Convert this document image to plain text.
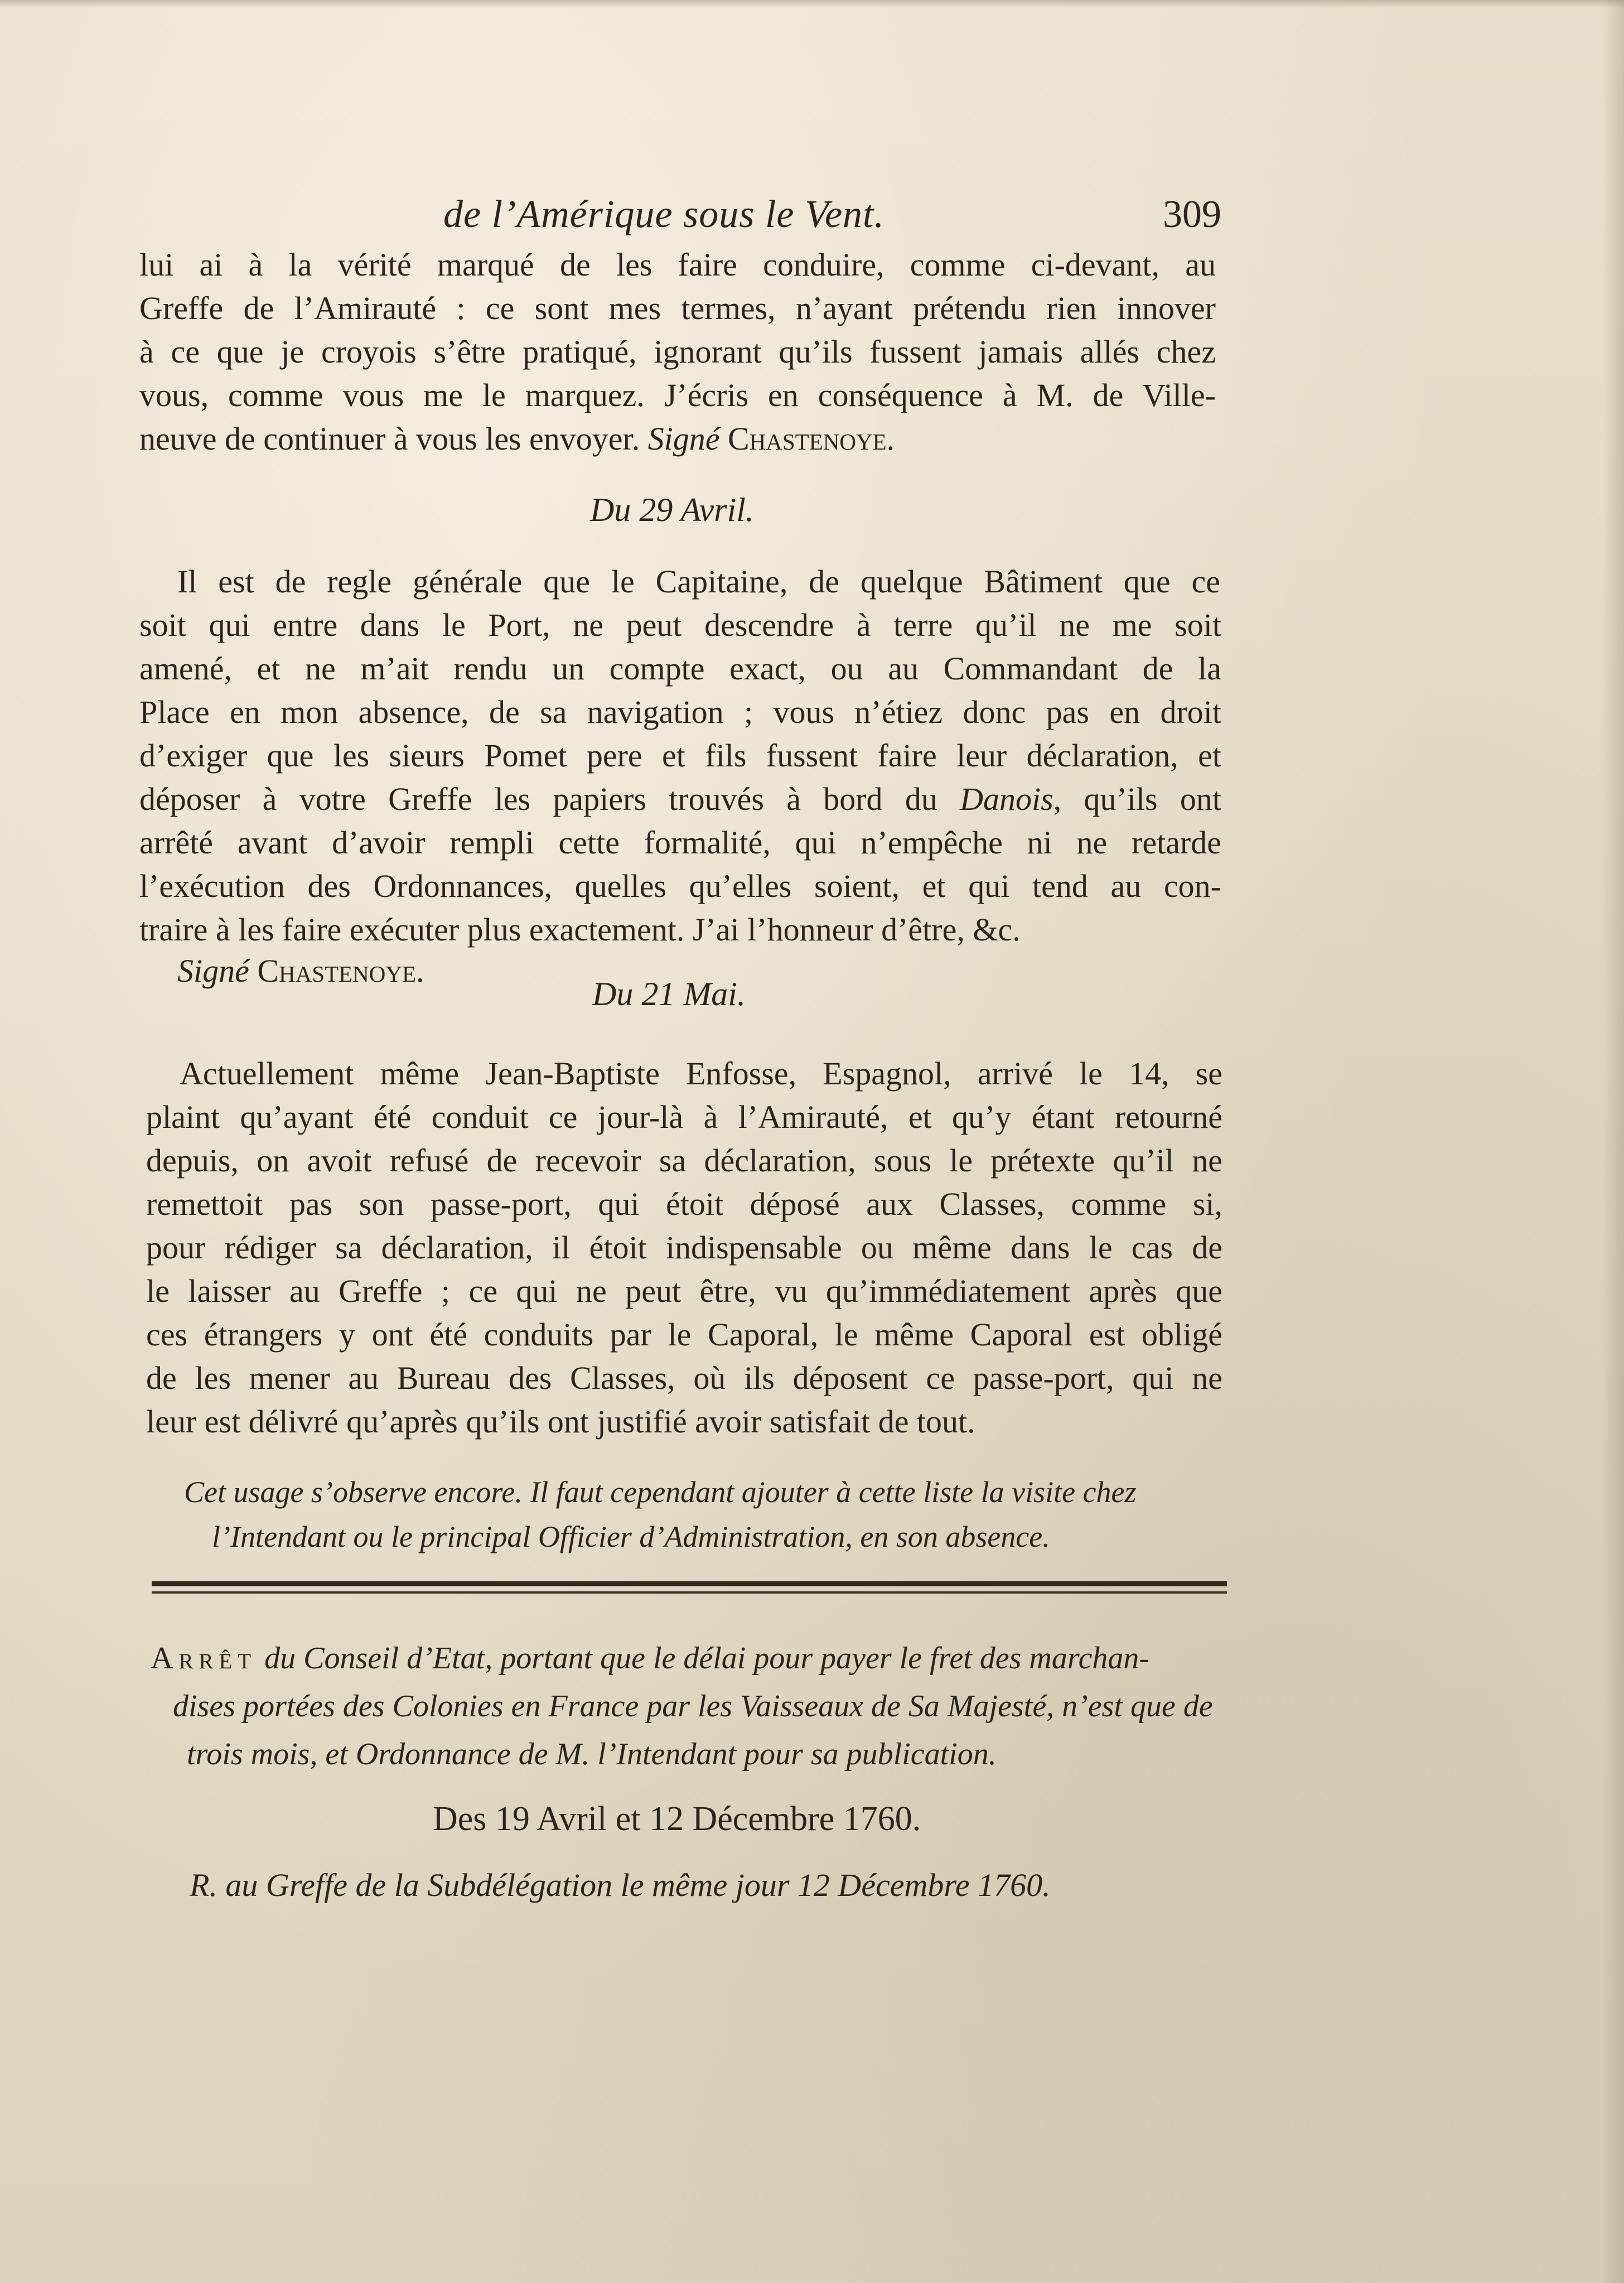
de l’Amérique sous le Vent.	309
lui ai à la vérité marqué de les faire conduire, comme ci-devant, au
Greffe de l’Amirauté : ce sont mes termes, n’ayant prétendu rien innover
à ce que je croyois s’être pratiqué, ignorant qu’ils fussent jamais allés chez
vous, comme vous me le marquez. J’écris en conséquence à M. de Ville-
neuve de continuer à vous les envoyer. Signé Chastenoye.
Du 29 Avril.
Il est de regle générale que le Capitaine, de quelque Bâtiment que ce
soit qui entre dans le Port, ne peut descendre à terre qu’il ne me soit
amené, et ne m’ait rendu un compte exact, ou au Commandant de la
Place en mon absence, de sa navigation ; vous n’étiez donc pas en droit
d’exiger que les sieurs Pomet pere et fils fussent faire leur déclaration, et
déposer à votre Greffe les papiers trouvés à bord du Danois, qu’ils ont
arrêté avant d’avoir rempli cette formalité, qui n’empêche ni ne retarde
l’exécution des Ordonnances, quelles qu’elles soient, et qui tend au con-
traire à les faire exécuter plus exactement. J’ai l’honneur d’être, &c.
Signé Chastenoye.
Du 21 Mai.
Actuellement même Jean-Baptiste Enfosse, Espagnol, arrivé le 14, se
plaint qu’ayant été conduit ce jour-là à l’Amirauté, et qu’y étant retourné
depuis, on avoit refusé de recevoir sa déclaration, sous le prétexte qu’il ne
remettoit pas son passe-port, qui étoit déposé aux Classes, comme si,
pour rédiger sa déclaration, il étoit indispensable ou même dans le cas de
le laisser au Greffe ; ce qui ne peut être, vu qu’immédiatement après que
ces étrangers y ont été conduits par le Caporal, le même Caporal est obligé
de les mener au Bureau des Classes, où ils déposent ce passe-port, qui ne
leur est délivré qu’après qu’ils ont justifié avoir satisfait de tout.
Cet usage s’observe encore. Il faut cependant ajouter à cette liste la visite chez
l’Intendant ou le principal Officier d’Administration, en son absence.
Arrêt du Conseil d’Etat, portant que le délai pour payer le fret des marchan-
dises portées des Colonies en France par les Vaisseaux de Sa Majesté, n’est que de
trois mois, et Ordonnance de M. l’Intendant pour sa publication.
Des 19 Avril et 12 Décembre 1760.
R. au Greffe de la Subdélégation le même jour 12 Décembre 1760.
